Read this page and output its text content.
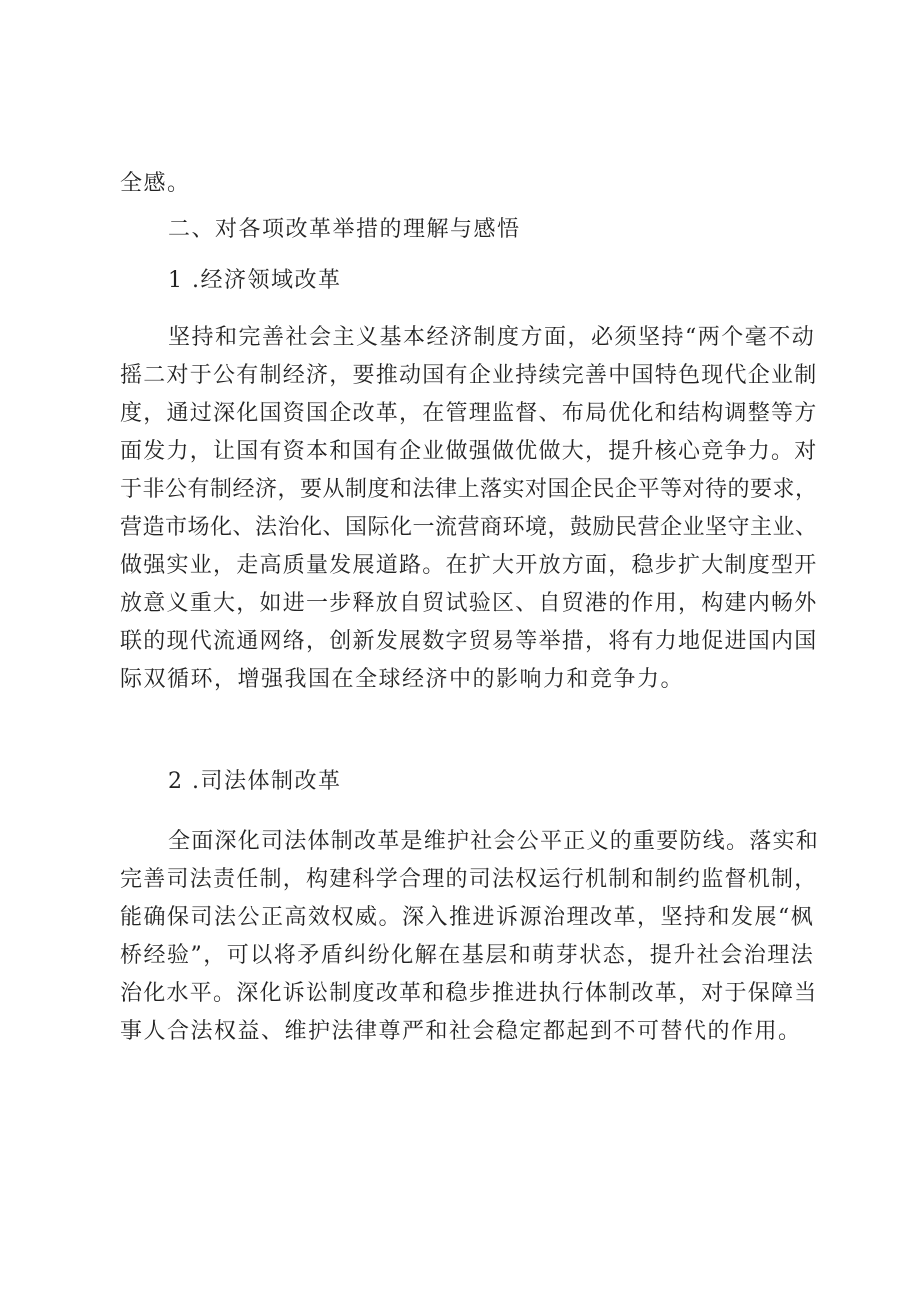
全感。
二、对各项改革举措的理解与感悟
1 .经济领域改革
坚持和完善社会主义基本经济制度方面，必须坚持“两个毫不动
摇二对于公有制经济，要推动国有企业持续完善中国特色现代企业制
度，通过深化国资国企改革，在管理监督、布局优化和结构调整等方
面发力，让国有资本和国有企业做强做优做大，提升核心竞争力。对
于非公有制经济，要从制度和法律上落实对国企民企平等对待的要求，
营造市场化、法治化、国际化一流营商环境，鼓励民营企业坚守主业、
做强实业，走高质量发展道路。在扩大开放方面，稳步扩大制度型开
放意义重大，如进一步释放自贸试验区、自贸港的作用，构建内畅外
联的现代流通网络，创新发展数字贸易等举措，将有力地促进国内国
际双循环，增强我国在全球经济中的影响力和竞争力。
2 .司法体制改革
全面深化司法体制改革是维护社会公平正义的重要防线。落实和
完善司法责任制，构建科学合理的司法权运行机制和制约监督机制，
能确保司法公正高效权威。深入推进诉源治理改革，坚持和发展“枫
桥经验”，可以将矛盾纠纷化解在基层和萌芽状态，提升社会治理法
治化水平。深化诉讼制度改革和稳步推进执行体制改革，对于保障当
事人合法权益、维护法律尊严和社会稳定都起到不可替代的作用。
